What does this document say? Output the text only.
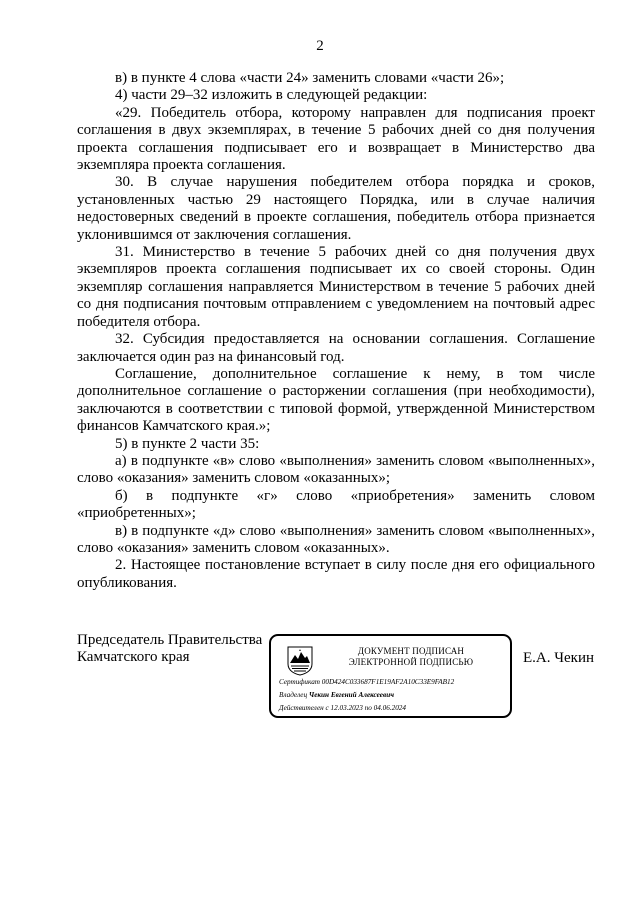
2

в) в пункте 4 слова «части 24» заменить словами «части 26»;

4) части 29–32 изложить в следующей редакции:

«29. Победитель отбора, которому направлен для подписания проект соглашения в двух экземплярах, в течение 5 рабочих дней со дня получения проекта соглашения подписывает его и возвращает в Министерство два экземпляра проекта соглашения.

30. В случае нарушения победителем отбора порядка и сроков, установленных частью 29 настоящего Порядка, или в случае наличия недостоверных сведений в проекте соглашения, победитель отбора признается уклонившимся от заключения соглашения.

31. Министерство в течение 5 рабочих дней со дня получения двух экземпляров проекта соглашения подписывает их со своей стороны. Один экземпляр соглашения направляется Министерством в течение 5 рабочих дней со дня подписания почтовым отправлением с уведомлением на почтовый адрес победителя отбора.

32. Субсидия предоставляется на основании соглашения. Соглашение заключается один раз на финансовый год.

Соглашение, дополнительное соглашение к нему, в том числе дополнительное соглашение о расторжении соглашения (при необходимости), заключаются в соответствии с типовой формой, утвержденной Министерством финансов Камчатского края.»;

5) в пункте 2 части 35:

а) в подпункте «в» слово «выполнения» заменить словом «выполненных», слово «оказания» заменить словом «оказанных»;

б) в подпункте «г» слово «приобретения» заменить словом «приобретенных»;

в) в подпункте «д» слово «выполнения» заменить словом «выполненных», слово «оказания» заменить словом «оказанных».

2. Настоящее постановление вступает в силу после дня его официального опубликования.

Председатель Правительства
Камчатского края	ДОКУМЕНТ ПОДПИСАН
ЭЛЕКТРОННОЙ ПОДПИСЬЮ
Сертификат 00D424C033687F1E19AF2A10C33E9FAB12
Владелец Чекин Евгений Алексеевич
Действителен с 12.03.2023 по 04.06.2024
Е.А. Чекин
